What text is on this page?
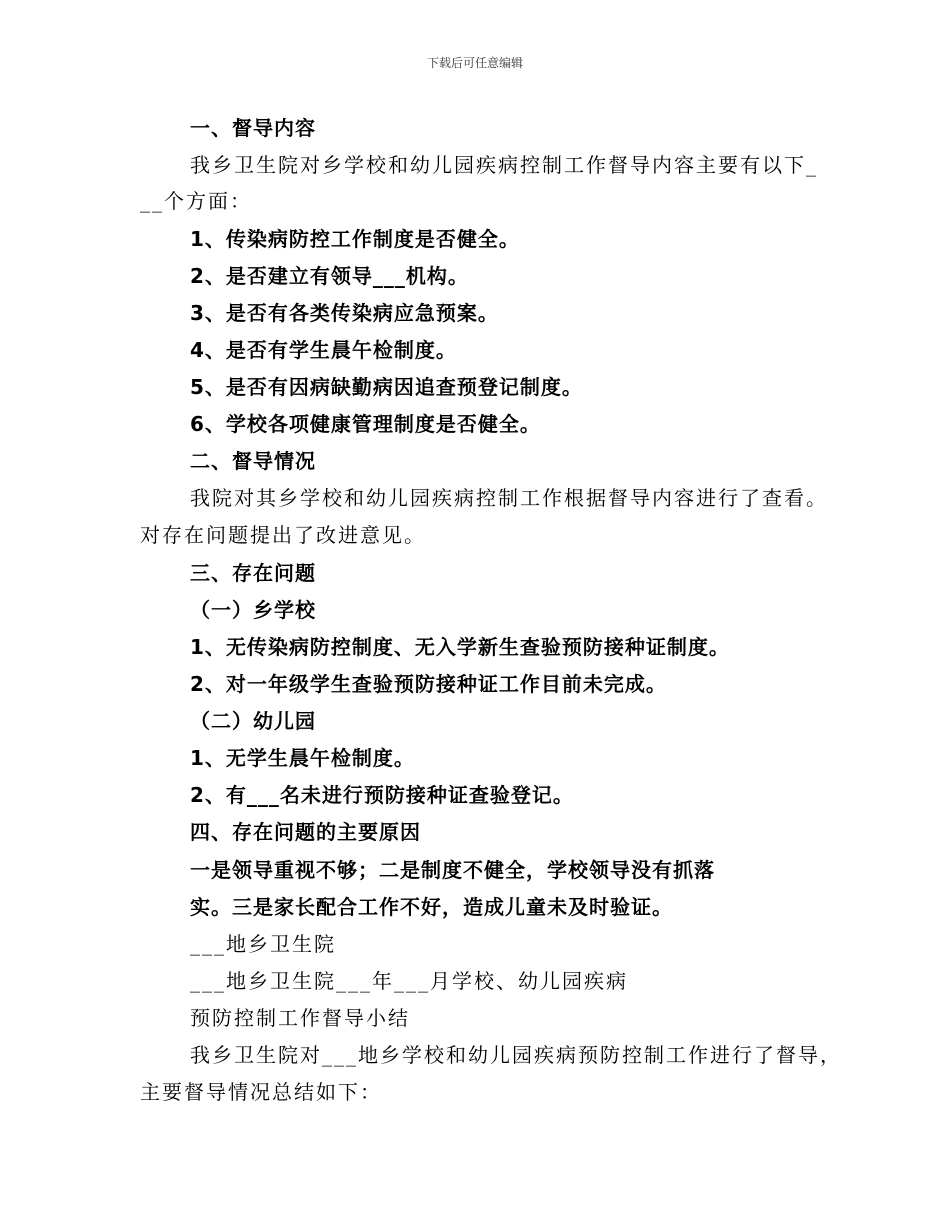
下载后可任意编辑
一、督导内容
我乡卫生院对乡学校和幼儿园疾病控制工作督导内容主要有以下_
__个方面：
1、传染病防控工作制度是否健全。
2、是否建立有领导___机构。
3、是否有各类传染病应急预案。
4、是否有学生晨午检制度。
5、是否有因病缺勤病因追查预登记制度。
6、学校各项健康管理制度是否健全。
二、督导情况
我院对其乡学校和幼儿园疾病控制工作根据督导内容进行了查看。
对存在问题提出了改进意见。
三、存在问题
（一）乡学校
1、无传染病防控制度、无入学新生查验预防接种证制度。
2、对一年级学生查验预防接种证工作目前未完成。
（二）幼儿园
1、无学生晨午检制度。
2、有___名未进行预防接种证查验登记。
四、存在问题的主要原因
一是领导重视不够；二是制度不健全，学校领导没有抓落
实。三是家长配合工作不好，造成儿童未及时验证。
___地乡卫生院
___地乡卫生院___年___月学校、幼儿园疾病
预防控制工作督导小结
我乡卫生院对___地乡学校和幼儿园疾病预防控制工作进行了督导，
主要督导情况总结如下：
